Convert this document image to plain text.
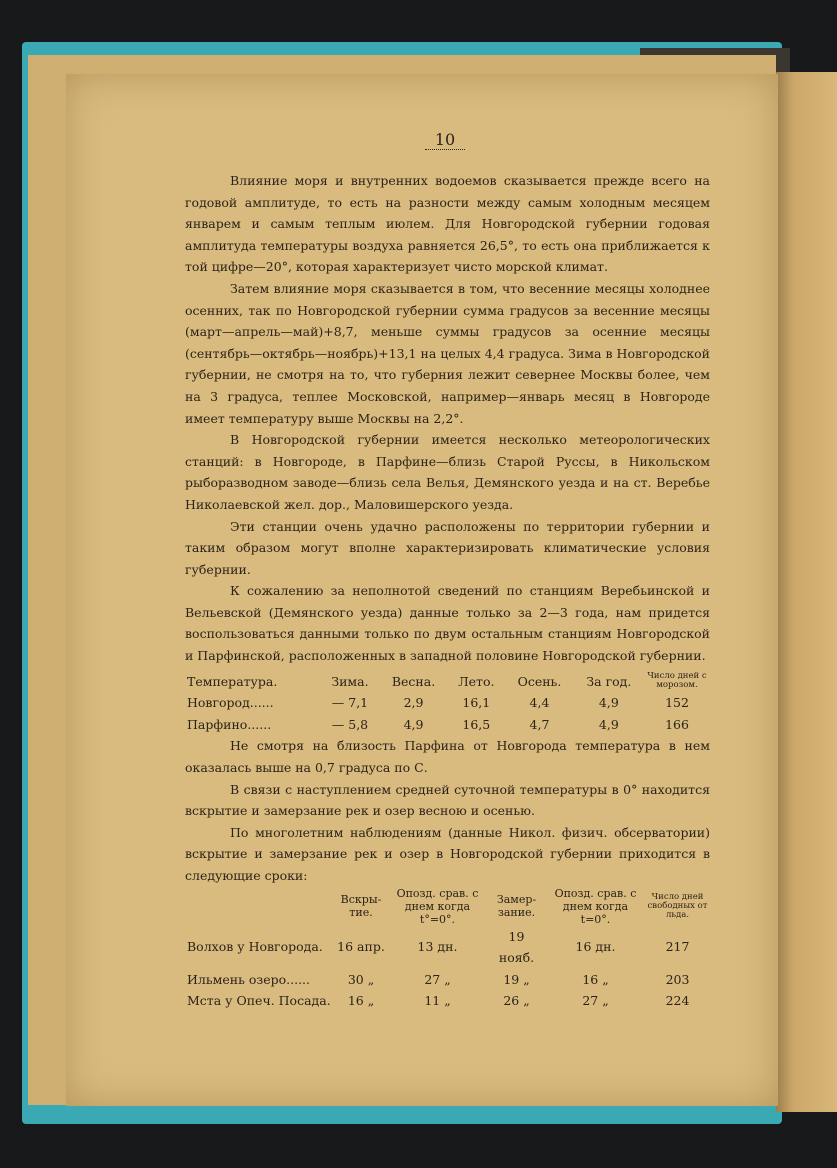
10

Влияние моря и внутренних водоемов сказывается прежде всего на годовой амплитуде, то есть на разности между самым холодным месяцем январем и самым теплым июлем. Для Новгородской губернии годовая амплитуда температуры воздуха равняется 26,5°, то есть она приближается к той цифре—20°, которая характеризует чисто морской климат.

Затем влияние моря сказывается в том, что весенние месяцы холоднее осенних, так по Новгородской губернии сумма градусов за весенние месяцы (март—апрель—май)+8,7, меньше суммы градусов за осенние месяцы (сентябрь—октябрь—ноябрь)+13,1 на целых 4,4 градуса. Зима в Новгородской губернии, не смотря на то, что губерния лежит севернее Москвы более, чем на 3 градуса, теплее Московской, например—январь месяц в Новгороде имеет температуру выше Москвы на 2,2°.

В Новгородской губернии имеется несколько метеорологических станций: в Новгороде, в Парфине—близь Старой Руссы, в Никольском рыборазводном заводе—близь села Велья, Демянского уезда и на ст. Веребье Николаевской жел. дор., Маловишерского уезда.

Эти станции очень удачно расположены по территории губернии и таким образом могут вполне характеризировать климатические условия губернии.

К сожалению за неполнотой сведений по станциям Веребьинской и Вельевской (Демянского уезда) данные только за 2—3 года, нам придется воспользоваться данными только по двум остальным станциям Новгородской и Парфинской, расположенных в западной половине Новгородской губернии.

Температура.	Зима.	Весна.	Лето.	Осень.	За год.	Число дней с морозом.
Новгород......	— 7,1	2,9	16,1	4,4	4,9	152
Парфино......	— 5,8	4,9	16,5	4,7	4,9	166

Не смотря на близость Парфина от Новгорода температура в нем оказалась выше на 0,7 градуса по С.

В связи с наступлением средней суточной температуры в 0° находится вскрытие и замерзание рек и озер весною и осенью.

По многолетним наблюдениям (данные Никол. физич. обсерватории) вскрытие и замерзание рек и озер в Новгородской губернии приходится в следующие сроки:

	Вскры-тие.	Опозд. срав. с днем когда t°=0°.	Замер-зание.	Опозд. срав. с днем когда t=0°.	Число дней свободных от льда.
Волхов у Новгорода.	16 апр.	13 дн.	19 нояб.	16 дн.	217
Ильмень озеро......	30 „	27 „	19 „	16 „	203
Мста у Опеч. Посада.	16 „	11 „	26 „	27 „	224
